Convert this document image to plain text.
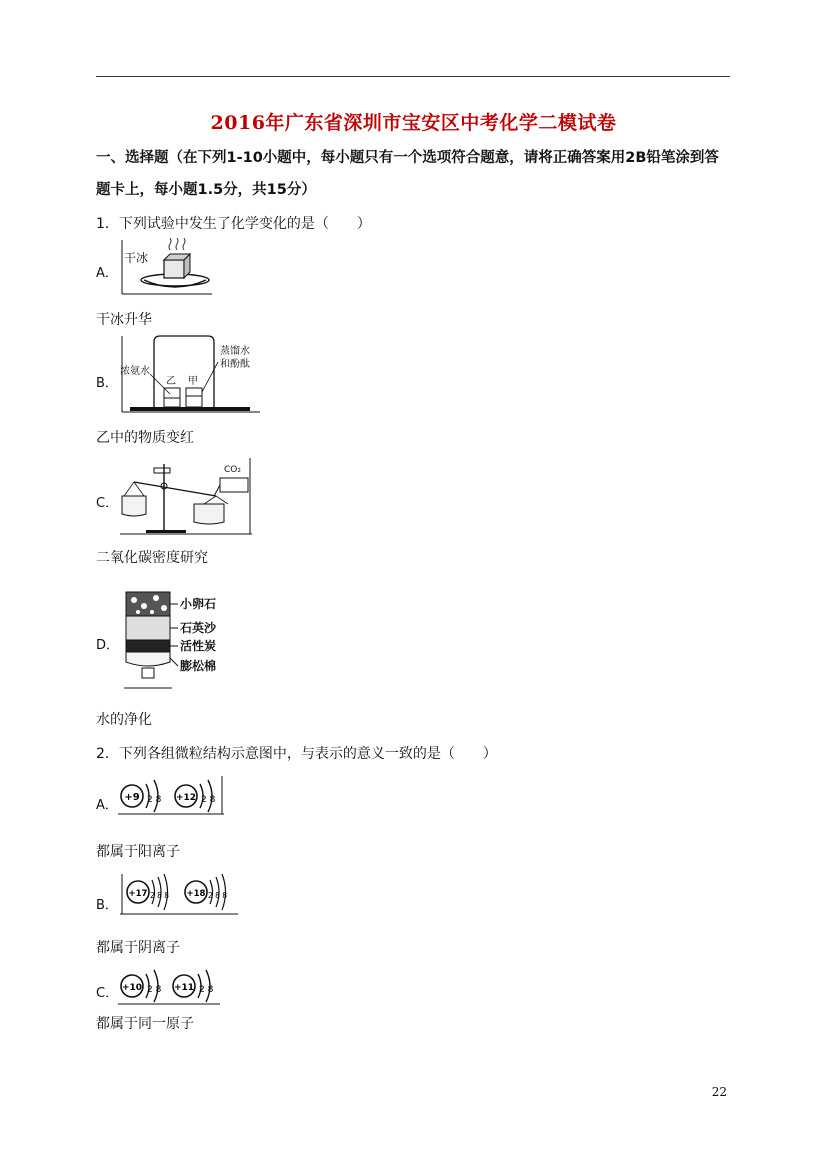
2016年广东省深圳市宝安区中考化学二模试卷
一、选择题（在下列1-10小题中，每小题只有一个选项符合题意，请将正确答案用2B铅笔涂到答
题卡上，每小题1.5分，共15分）
1．下列试验中发生了化学变化的是（　　）
A．
干冰
干冰升华
B．
浓氨水
乙 甲
蒸馏水
和酚酞
乙中的物质变红
C．
CO₂
二氧化碳密度研究
D．
小卵石
石英沙
活性炭
膨松棉
水的净化
2．下列各组微粒结构示意图中，与表示的意义一致的是（　　）
A．
+9 2 8 +12 2 8
都属于阳离子
B．
+17 2 8 8 +18 2 8 8
都属于阴离子
C． +10 2 8 +11 2 8
都属于同一原子
22
